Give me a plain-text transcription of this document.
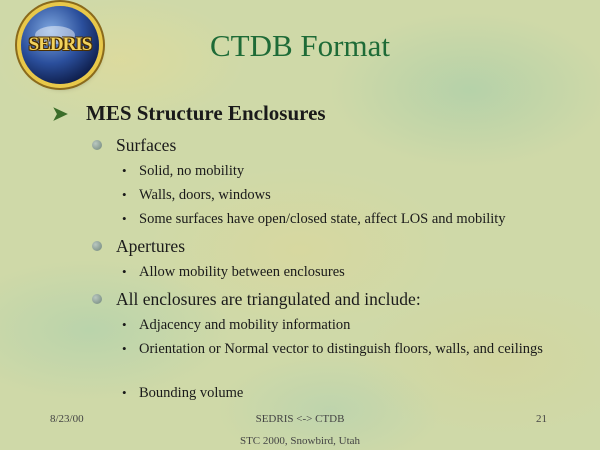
SEDRIS	CTDB Format
➤ MES Structure Enclosures
Surfaces
• Solid, no mobility
• Walls, doors, windows
• Some surfaces have open/closed state, affect LOS and mobility
Apertures
• Allow mobility between enclosures
All enclosures are triangulated and include:
• Adjacency and mobility information
• Orientation or Normal vector to distinguish floors, walls, and ceilings
• Bounding volume
8/23/00	SEDRIS <-> CTDB	21
STC 2000, Snowbird, Utah
